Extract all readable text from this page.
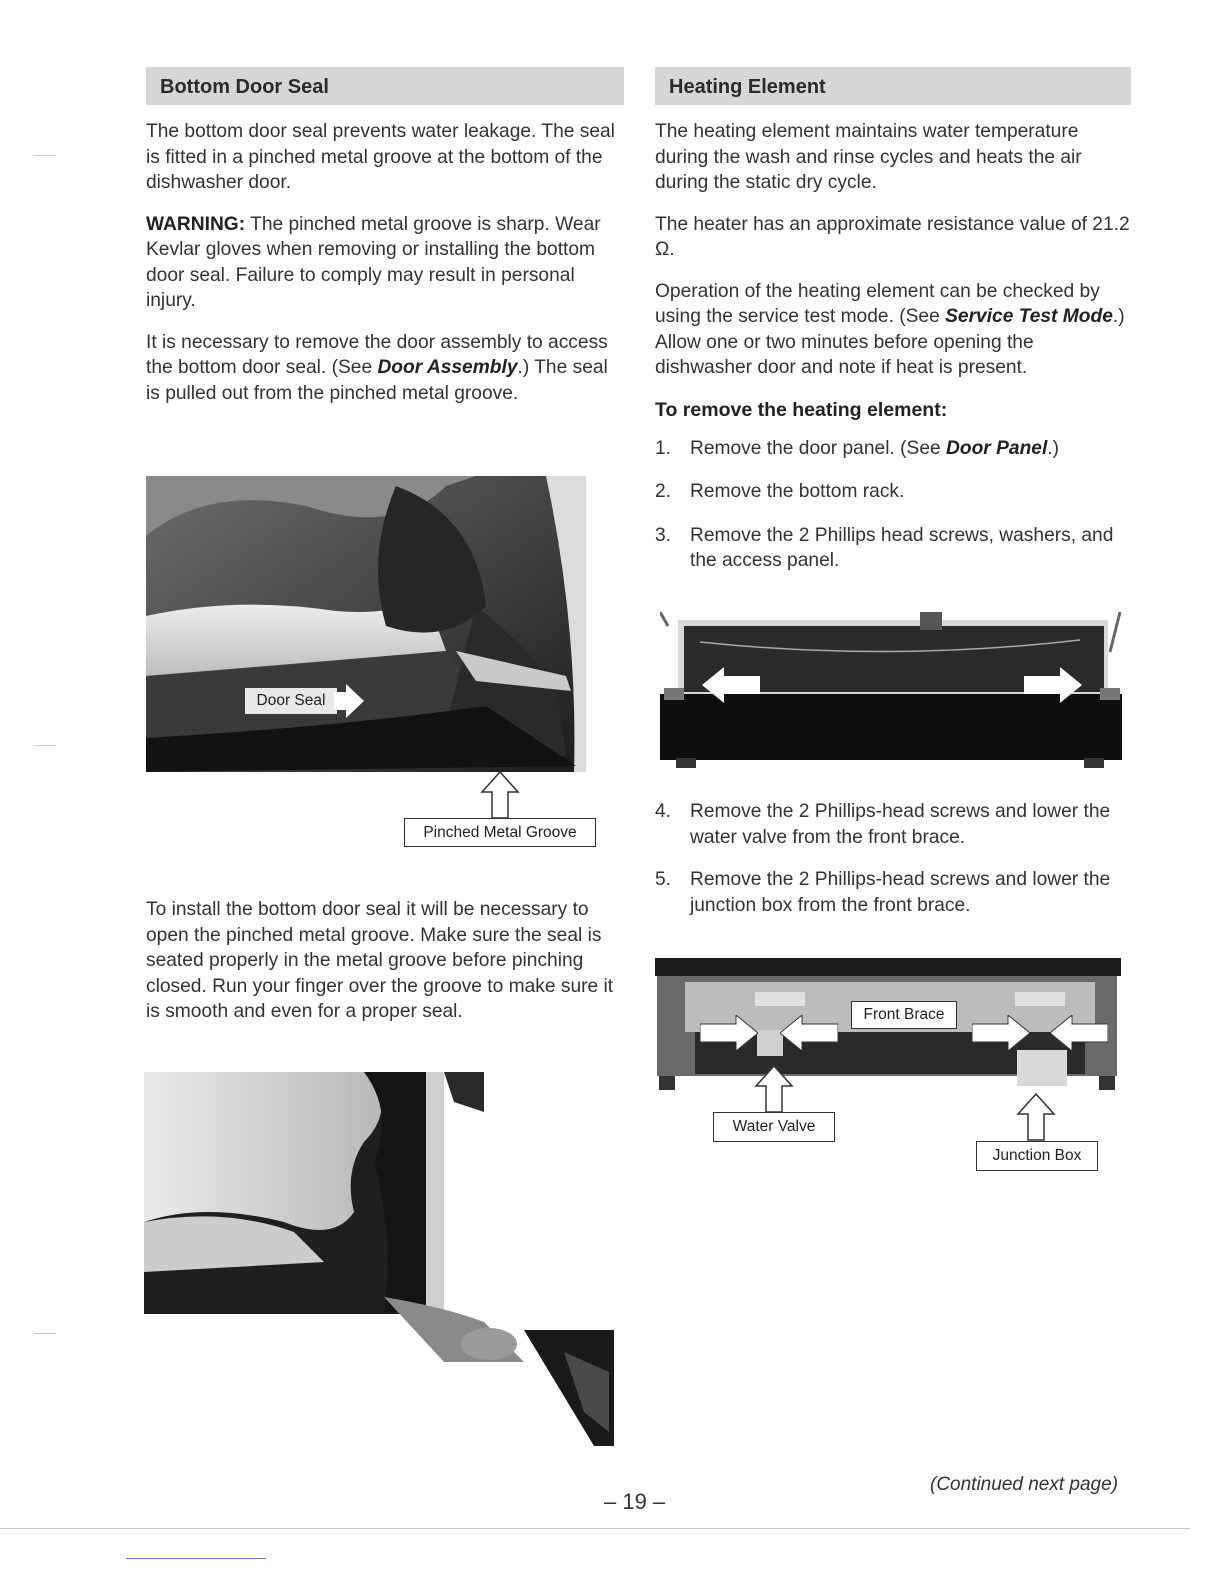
Bottom Door Seal

The bottom door seal prevents water leakage. The seal is fitted in a pinched metal groove at the bottom of the dishwasher door.

WARNING: The pinched metal groove is sharp. Wear Kevlar gloves when removing or installing the bottom door seal. Failure to comply may result in personal injury.

It is necessary to remove the door assembly to access the bottom door seal. (See Door Assembly.) The seal is pulled out from the pinched metal groove.

Door Seal
Pinched Metal Groove

To install the bottom door seal it will be necessary to open the pinched metal groove. Make sure the seal is seated properly in the metal groove before pinching closed. Run your finger over the groove to make sure it is smooth and even for a proper seal.

Heating Element

The heating element maintains water temperature during the wash and rinse cycles and heats the air during the static dry cycle.

The heater has an approximate resistance value of 21.2 Ω.

Operation of the heating element can be checked by using the service test mode. (See Service Test Mode.) Allow one or two minutes before opening the dishwasher door and note if heat is present.

To remove the heating element:
1. Remove the door panel. (See Door Panel.)
2. Remove the bottom rack.
3. Remove the 2 Phillips head screws, washers, and the access panel.
4. Remove the 2 Phillips-head screws and lower the water valve from the front brace.
5. Remove the 2 Phillips-head screws and lower the junction box from the front brace.
Front Brace
Water Valve
Junction Box
– 19 –
(Continued next page)
